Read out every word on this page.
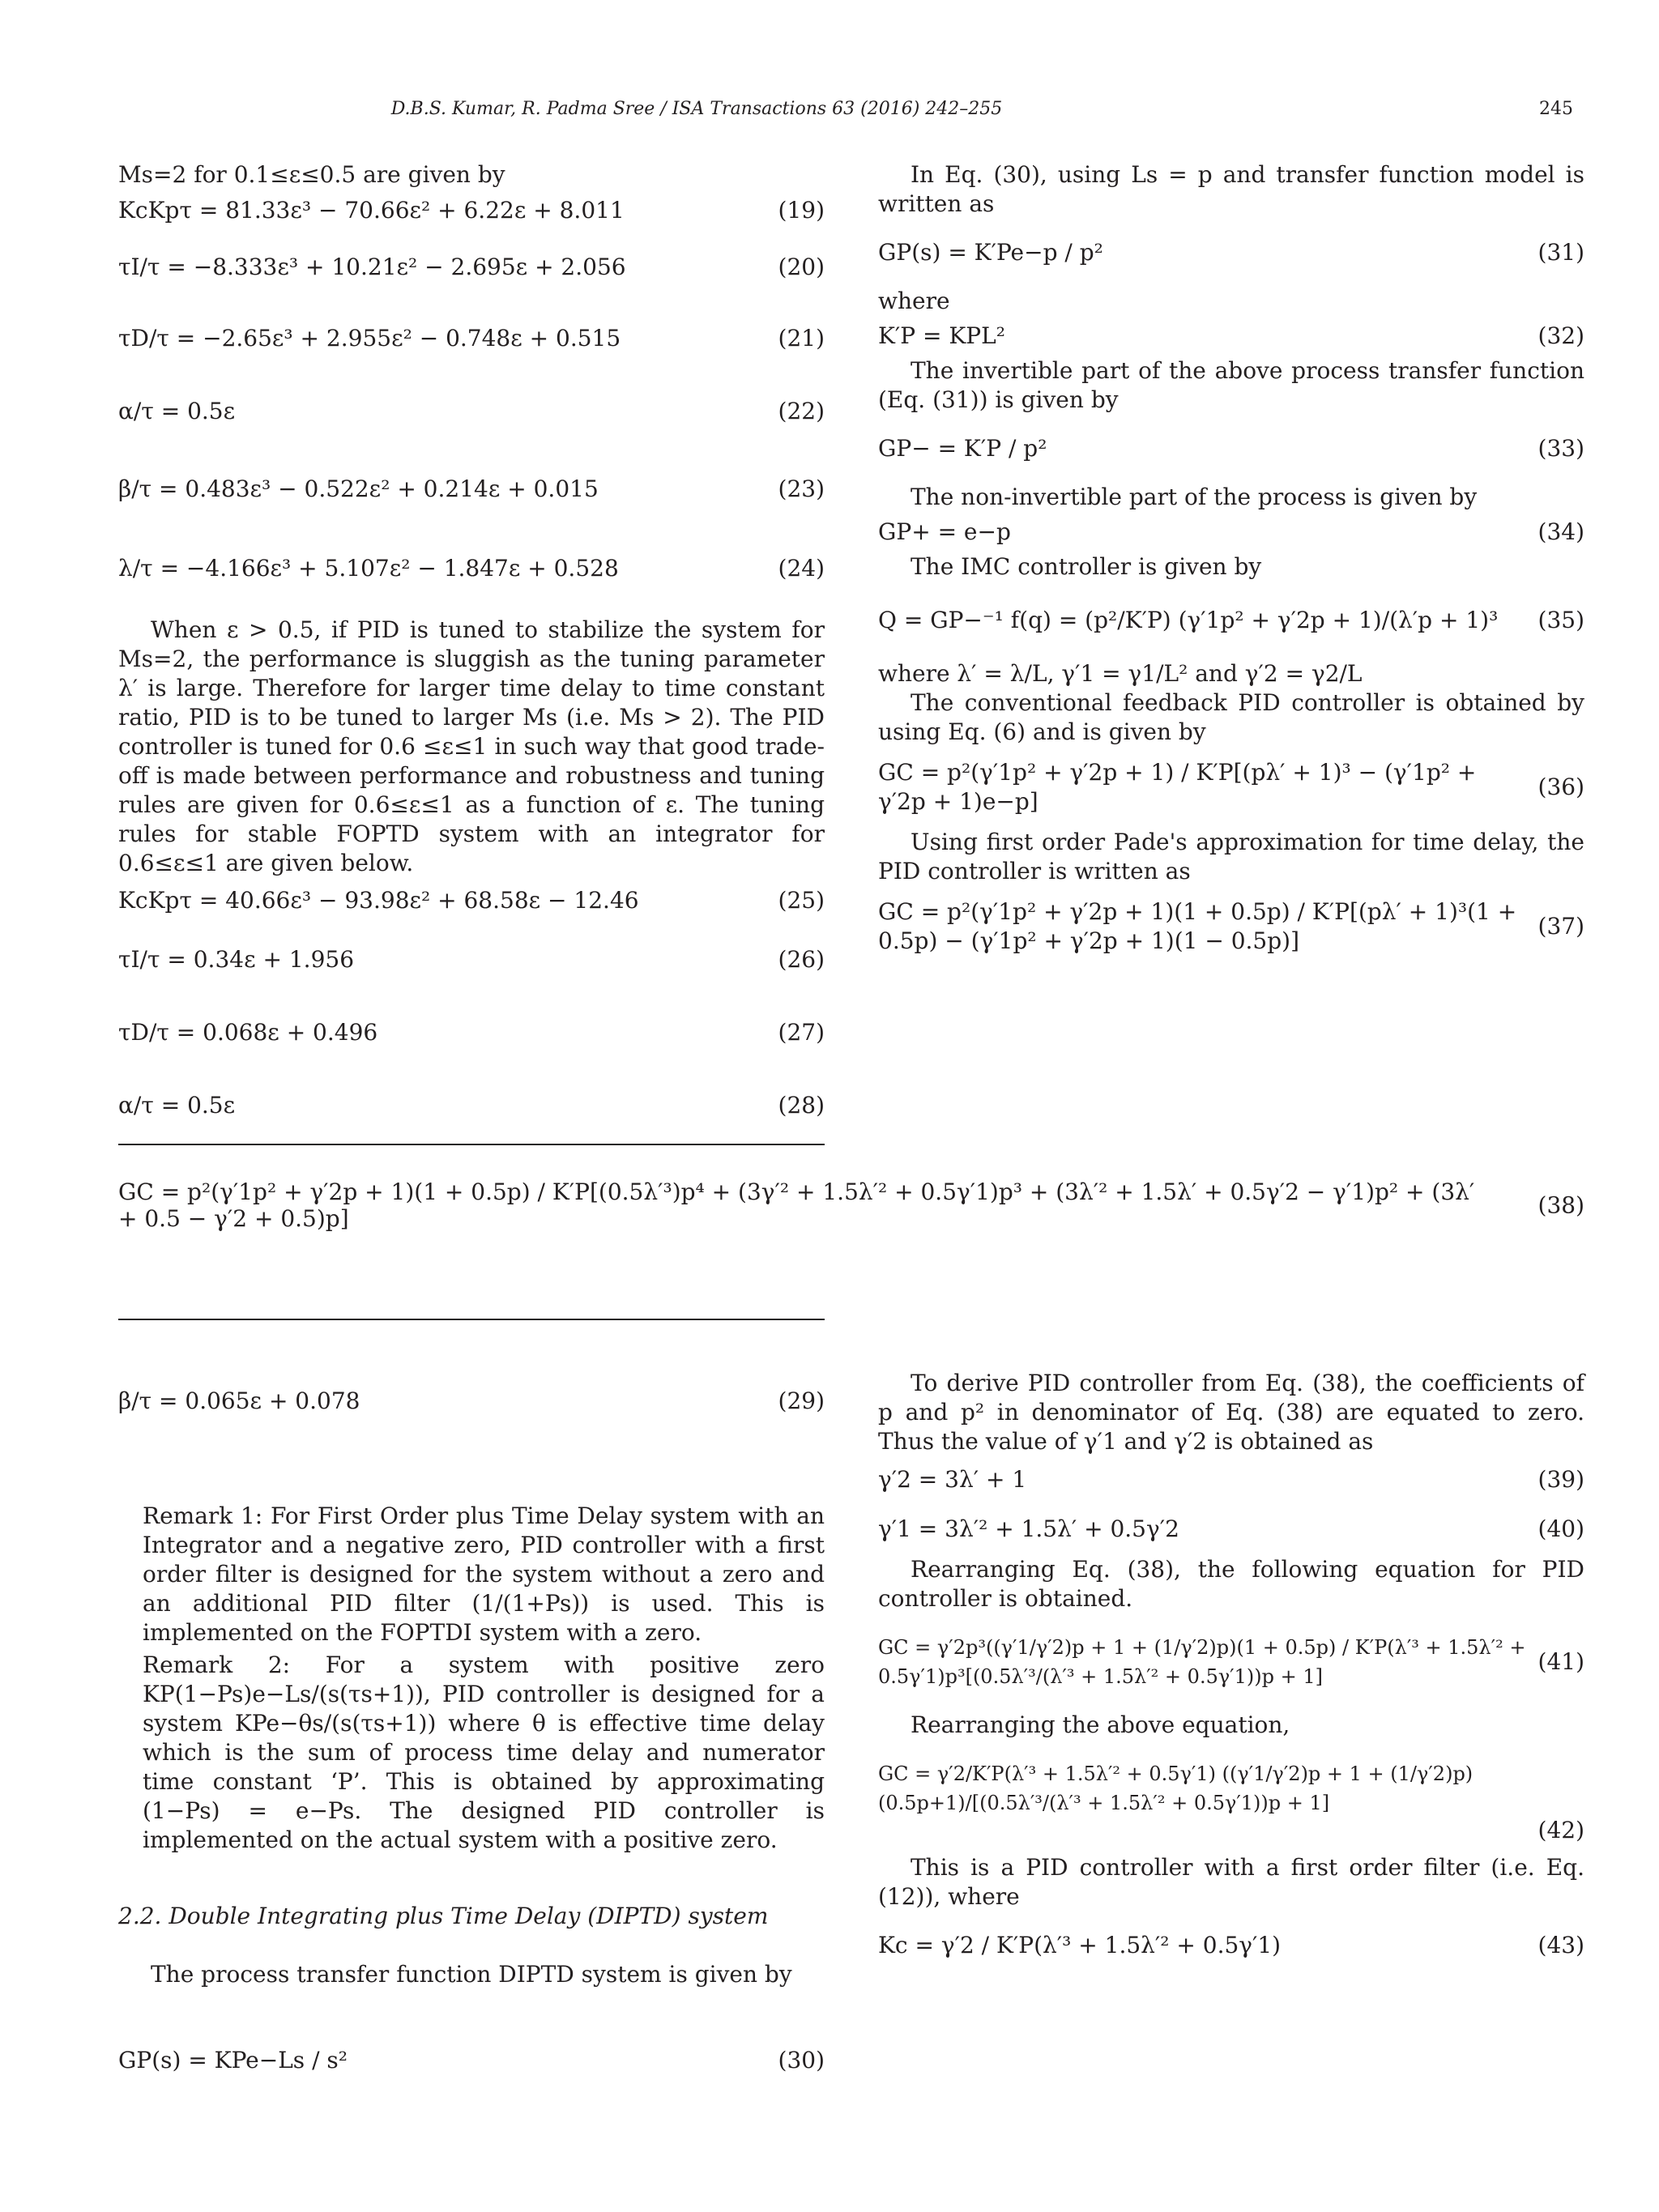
D.B.S. Kumar, R. Padma Sree / ISA Transactions 63 (2016) 242–255	245

Ms=2 for 0.1≤ε≤0.5 are given by

KcKpτ = 81.33ε³ − 70.66ε² + 6.22ε + 8.011	(19)
τI/τ = −8.333ε³ + 10.21ε² − 2.695ε + 2.056	(20)
τD/τ = −2.65ε³ + 2.955ε² − 0.748ε + 0.515	(21)
α/τ = 0.5ε	(22)
β/τ = 0.483ε³ − 0.522ε² + 0.214ε + 0.015	(23)
λ/τ = −4.166ε³ + 5.107ε² − 1.847ε + 0.528	(24)

When ε > 0.5, if PID is tuned to stabilize the system for Ms=2, the performance is sluggish as the tuning parameter λ′ is large. Therefore for larger time delay to time constant ratio, PID is to be tuned to larger Ms (i.e. Ms > 2). The PID controller is tuned for 0.6 ≤ε≤1 in such way that good trade-off is made between performance and robustness and tuning rules are given for 0.6≤ε≤1 as a function of ε. The tuning rules for stable FOPTD system with an integrator for 0.6≤ε≤1 are given below.

KcKpτ = 40.66ε³ − 93.98ε² + 68.58ε − 12.46	(25)
τI/τ = 0.34ε + 1.956	(26)
τD/τ = 0.068ε + 0.496	(27)
α/τ = 0.5ε	(28)
GC = p²(γ′1p² + γ′2p + 1)(1 + 0.5p) / K′P[(0.5λ′³)p⁴ + (3γ′² + 1.5λ′² + 0.5γ′1)p³ + (3λ′² + 1.5λ′ + 0.5γ′2 − γ′1)p² + (3λ′ + 0.5 − γ′2 + 0.5)p]	(38)
β/τ = 0.065ε + 0.078	(29)

Remark 1: For First Order plus Time Delay system with an Integrator and a negative zero, PID controller with a first order filter is designed for the system without a zero and an additional PID filter (1/(1+Ps)) is used. This is implemented on the FOPTDI system with a zero.

Remark 2: For a system with positive zero KP(1−Ps)e−Ls/(s(τs+1)), PID controller is designed for a system KPe−θs/(s(τs+1)) where θ is effective time delay which is the sum of process time delay and numerator time constant ‘P’. This is obtained by approximating (1−Ps) = e−Ps. The designed PID controller is implemented on the actual system with a positive zero.

2.2. Double Integrating plus Time Delay (DIPTD) system

The process transfer function DIPTD system is given by

GP(s) = KPe−Ls / s²	(30)

In Eq. (30), using Ls = p and transfer function model is written as

GP(s) = K′Pe−p / p²	(31)

where

K′P = KPL²	(32)

The invertible part of the above process transfer function (Eq. (31)) is given by

GP− = K′P / p²	(33)

The non-invertible part of the process is given by

GP+ = e−p	(34)

The IMC controller is given by

Q = GP−⁻¹ f(q) = (p²/K′P) (γ′1p² + γ′2p + 1)/(λ′p + 1)³ (35)

where λ′ = λ/L, γ′1 = γ1/L² and γ′2 = γ2/L

The conventional feedback PID controller is obtained by using Eq. (6) and is given by

GC = p²(γ′1p² + γ′2p + 1) / K′P[(pλ′ + 1)³ − (γ′1p² + γ′2p + 1)e−p]
(36)

Using first order Pade's approximation for time delay, the PID controller is written as

GC = p²(γ′1p² + γ′2p + 1)(1 + 0.5p) / K′P[(pλ′ + 1)³(1 + 0.5p) − (γ′1p² + γ′2p + 1)(1 − 0.5p)]
(37)

To derive PID controller from Eq. (38), the coefficients of p and p² in denominator of Eq. (38) are equated to zero. Thus the value of γ′1 and γ′2 is obtained as

γ′2 = 3λ′ + 1	(39)
γ′1 = 3λ′² + 1.5λ′ + 0.5γ′2	(40)

Rearranging Eq. (38), the following equation for PID controller is obtained.

GC = γ′2p³((γ′1/γ′2)p + 1 + (1/γ′2)p)(1 + 0.5p) / K′P(λ′³ + 1.5λ′² + 0.5γ′1)p³[(0.5λ′³/(λ′³ + 1.5λ′² + 0.5γ′1))p + 1]
(41)

Rearranging the above equation,

GC = γ′2/K′P(λ′³ + 1.5λ′² + 0.5γ′1) ((γ′1/γ′2)p + 1 + (1/γ′2)p) (0.5p+1)/[(0.5λ′³/(λ′³ + 1.5λ′² + 0.5γ′1))p + 1]
(42)

This is a PID controller with a first order filter (i.e. Eq. (12)), where

Kc = γ′2 / K′P(λ′³ + 1.5λ′² + 0.5γ′1)	(43)
